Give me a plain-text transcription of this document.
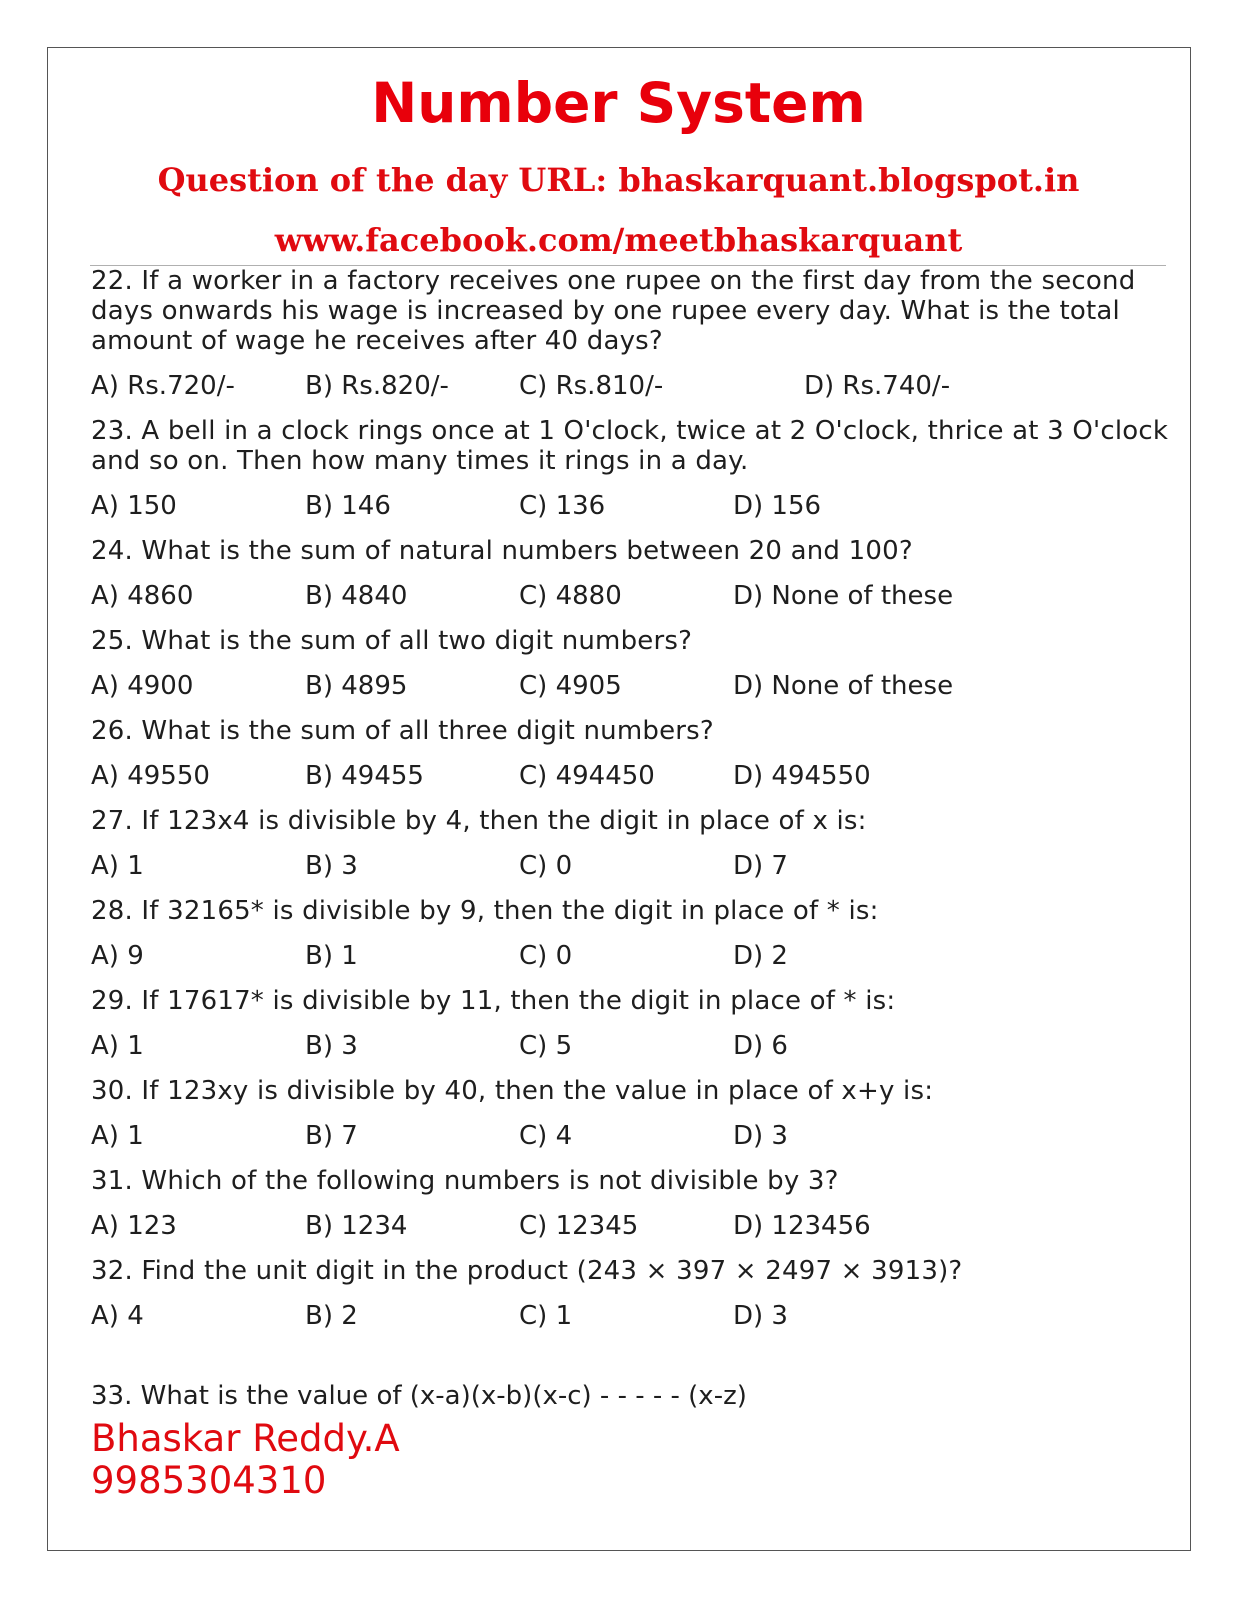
Number System
Question of the day URL: bhaskarquant.blogspot.in
www.facebook.com/meetbhaskarquant

22. If a worker in a factory receives one rupee on the first day from the second days onwards his wage is increased by one rupee every day. What is the total amount of wage he receives after 40 days?

A) Rs.720/-	B) Rs.820/-	C) Rs.810/-	D) Rs.740/-

23. A bell in a clock rings once at 1 O'clock, twice at 2 O'clock, thrice at 3 O'clock and so on. Then how many times it rings in a day.

A) 150	B) 146	C) 136	D) 156

24. What is the sum of natural numbers between 20 and 100?

A) 4860	B) 4840	C) 4880	D) None of these

25. What is the sum of all two digit numbers?

A) 4900	B) 4895	C) 4905	D) None of these

26. What is the sum of all three digit numbers?

A) 49550	B) 49455	C) 494450	D) 494550

27. If 123x4 is divisible by 4, then the digit in place of x is:

A) 1	B) 3	C) 0	D) 7

28. If 32165* is divisible by 9, then the digit in place of * is:

A) 9	B) 1	C) 0	D) 2

29. If 17617* is divisible by 11, then the digit in place of * is:

A) 1	B) 3	C) 5	D) 6

30. If 123xy is divisible by 40, then the value in place of x+y is:

A) 1	B) 7	C) 4	D) 3

31. Which of the following numbers is not divisible by 3?

A) 123	B) 1234	C) 12345	D) 123456

32. Find the unit digit in the product (243 × 397 × 2497 × 3913)?

A) 4	B) 2	C) 1	D) 3
33. What is the value of (x-a)(x-b)(x-c) - - - - - (x-z)
Bhaskar Reddy.A
9985304310
